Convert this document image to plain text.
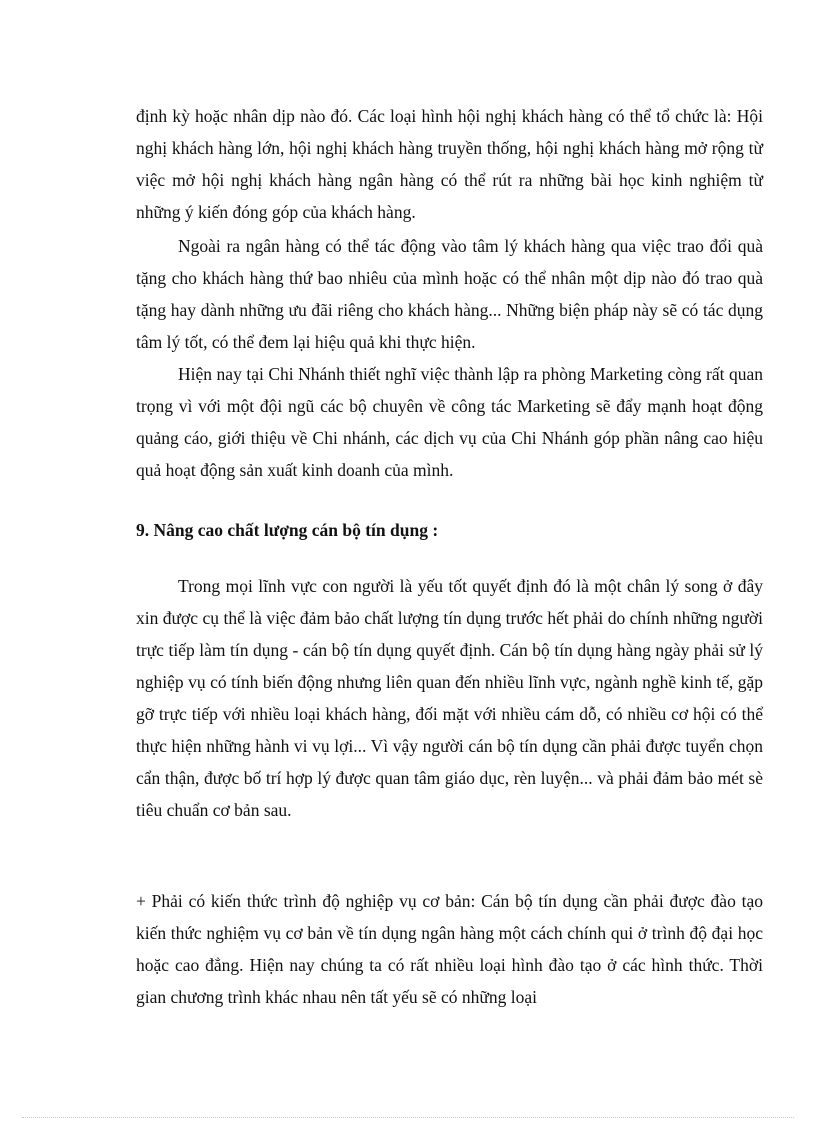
định kỳ hoặc nhân dịp nào đó. Các loại hình hội nghị khách hàng có thể tổ chức là: Hội nghị khách hàng lớn, hội nghị khách hàng truyền thống, hội nghị khách hàng mở rộng từ việc mở hội nghị khách hàng ngân hàng có thể rút ra những bài học kinh nghiệm từ những ý kiến đóng góp của khách hàng.

Ngoài ra ngân hàng có thể tác động vào tâm lý khách hàng qua việc trao đổi quà tặng cho khách hàng thứ bao nhiêu của mình hoặc có thể nhân một dịp nào đó trao quà tặng hay dành những ưu đãi riêng cho khách hàng... Những biện pháp này sẽ có tác dụng tâm lý tốt, có thể đem lại hiệu quả khi thực hiện.

Hiện nay tại Chi Nhánh thiết nghĩ việc thành lập ra phòng Marketing còng rất quan trọng vì với một đội ngũ các bộ chuyên về công tác Marketing sẽ đẩy mạnh hoạt động quảng cáo, giới thiệu về Chi nhánh, các dịch vụ của Chi Nhánh góp phần nâng cao hiệu quả hoạt động sản xuất kinh doanh của mình.

9. Nâng cao chất lượng cán bộ tín dụng :

Trong mọi lĩnh vực con người là yếu tốt quyết định đó là một chân lý song ở đây xin được cụ thể là việc đảm bảo chất lượng tín dụng trước hết phải do chính những người trực tiếp làm tín dụng - cán bộ tín dụng quyết định. Cán bộ tín dụng hàng ngày phải sử lý nghiệp vụ có tính biến động nhưng liên quan đến nhiều lĩnh vực, ngành nghề kinh tế, gặp gỡ trực tiếp với nhiều loại khách hàng, đối mặt với nhiều cám dỗ, có nhiều cơ hội có thể thực hiện những hành vi vụ lợi... Vì vậy người cán bộ tín dụng cần phải được tuyển chọn cẩn thận, được bố trí hợp lý được quan tâm giáo dục, rèn luyện... và phải đảm bảo mét sè tiêu chuẩn cơ bản sau.

+ Phải có kiến thức trình độ nghiệp vụ cơ bản: Cán bộ tín dụng cần phải được đào tạo kiến thức nghiệm vụ cơ bản về tín dụng ngân hàng một cách chính qui ở trình độ đại học hoặc cao đẳng. Hiện nay chúng ta có rất nhiều loại hình đào tạo ở các hình thức. Thời gian chương trình khác nhau nên tất yếu sẽ có những loại
